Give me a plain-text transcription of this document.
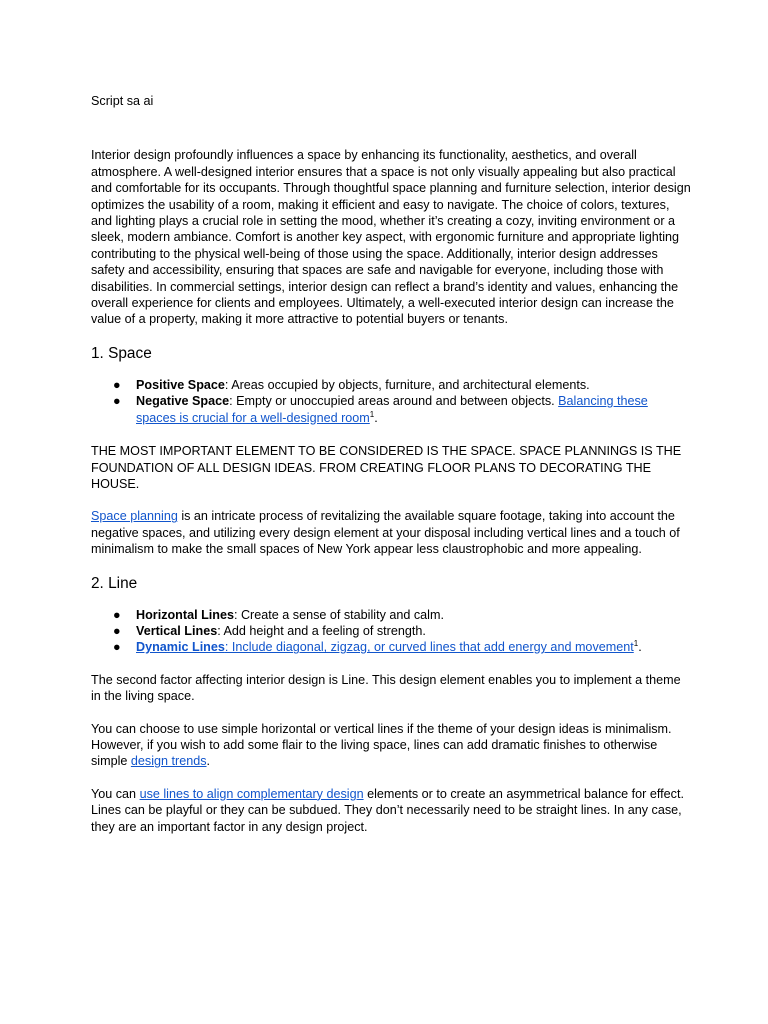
Script sa ai

Interior design profoundly influences a space by enhancing its functionality, aesthetics, and overall atmosphere. A well-designed interior ensures that a space is not only visually appealing but also practical and comfortable for its occupants. Through thoughtful space planning and furniture selection, interior design optimizes the usability of a room, making it efficient and easy to navigate. The choice of colors, textures, and lighting plays a crucial role in setting the mood, whether it’s creating a cozy, inviting environment or a sleek, modern ambiance. Comfort is another key aspect, with ergonomic furniture and appropriate lighting contributing to the physical well-being of those using the space. Additionally, interior design addresses safety and accessibility, ensuring that spaces are safe and navigable for everyone, including those with disabilities. In commercial settings, interior design can reflect a brand’s identity and values, enhancing the overall experience for clients and employees. Ultimately, a well-executed interior design can increase the value of a property, making it more attractive to potential buyers or tenants.

1. Space
● Positive Space: Areas occupied by objects, furniture, and architectural elements.
● Negative Space: Empty or unoccupied areas around and between objects. Balancing these spaces is crucial for a well-designed room$^1$.

THE MOST IMPORTANT ELEMENT TO BE CONSIDERED IS THE SPACE. SPACE PLANNINGS IS THE FOUNDATION OF ALL DESIGN IDEAS. FROM CREATING FLOOR PLANS TO DECORATING THE HOUSE.

Space planning is an intricate process of revitalizing the available square footage, taking into account the negative spaces, and utilizing every design element at your disposal including vertical lines and a touch of minimalism to make the small spaces of New York appear less claustrophobic and more appealing.

2. Line
● Horizontal Lines: Create a sense of stability and calm.
● Vertical Lines: Add height and a feeling of strength.
● Dynamic Lines: Include diagonal, zigzag, or curved lines that add energy and movement$^1$.

The second factor affecting interior design is Line. This design element enables you to implement a theme in the living space.

You can choose to use simple horizontal or vertical lines if the theme of your design ideas is minimalism. However, if you wish to add some flair to the living space, lines can add dramatic finishes to otherwise simple design trends.

You can use lines to align complementary design elements or to create an asymmetrical balance for effect. Lines can be playful or they can be subdued. They don’t necessarily need to be straight lines. In any case, they are an important factor in any design project.
